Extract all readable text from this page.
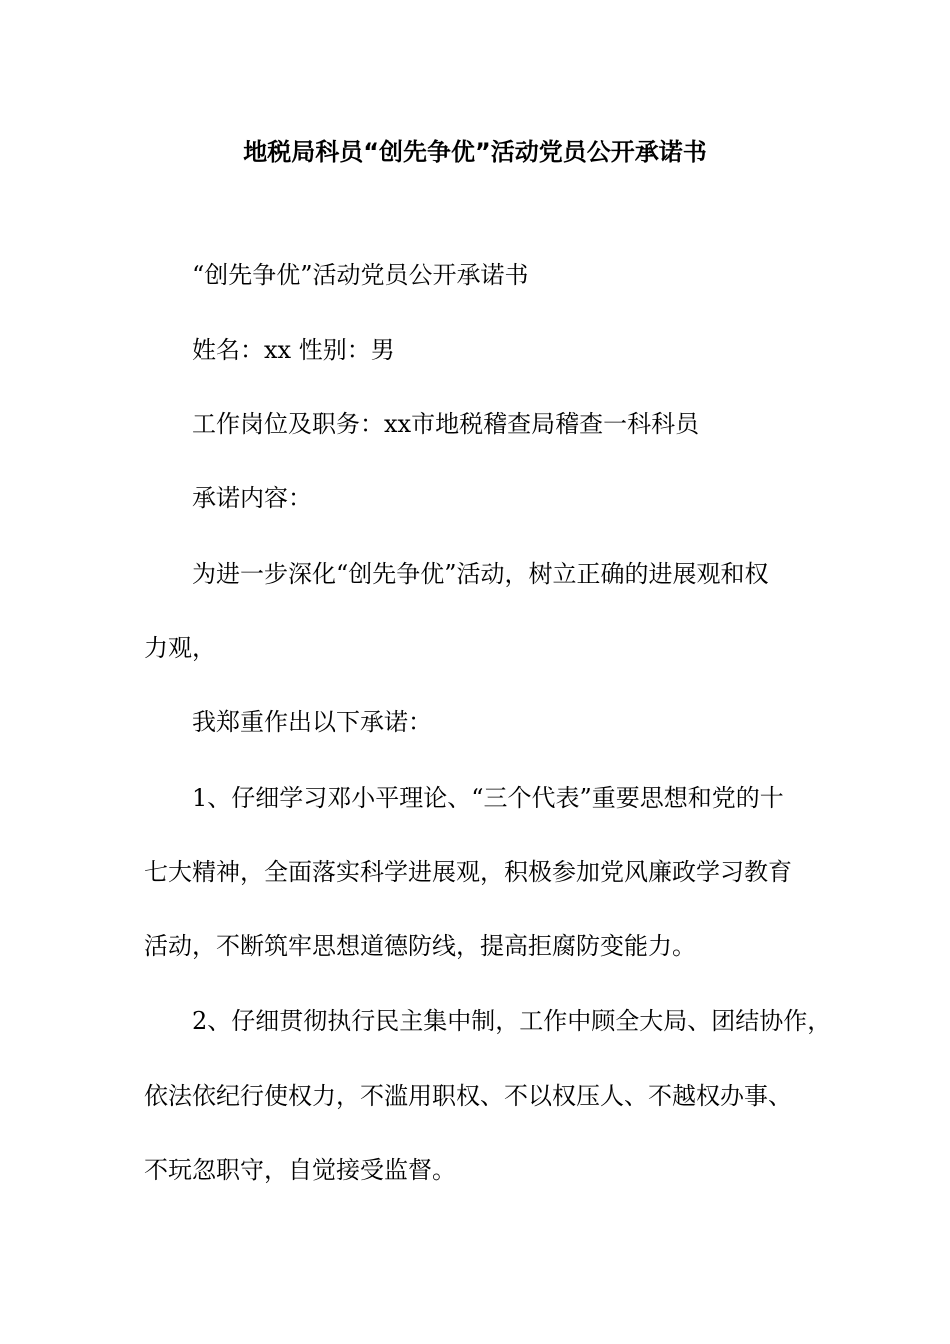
地税局科员“创先争优”活动党员公开承诺书
“创先争优”活动党员公开承诺书
姓名：xx 性别：男
工作岗位及职务：xx市地税稽查局稽查一科科员
承诺内容：
为进一步深化“创先争优”活动，树立正确的进展观和权
力观，
我郑重作出以下承诺：
1、仔细学习邓小平理论、“三个代表”重要思想和党的十
七大精神，全面落实科学进展观，积极参加党风廉政学习教育
活动，不断筑牢思想道德防线，提高拒腐防变能力。
2、仔细贯彻执行民主集中制，工作中顾全大局、团结协作，
依法依纪行使权力，不滥用职权、不以权压人、不越权办事、
不玩忽职守，自觉接受监督。
